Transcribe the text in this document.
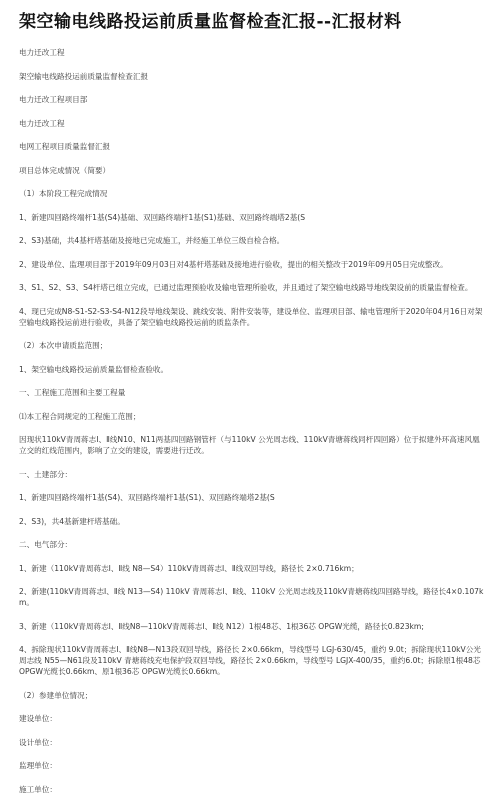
架空输电线路投运前质量监督检查汇报--汇报材料
电力迁改工程
架空输电线路投运前质量监督检查汇报
电力迁改工程项目部
电力迁改工程
电网工程项目质量监督汇报
项目总体完成情况（简要）
（1）本阶段工程完成情况
1、新建四回路终端杆1基(S4)基础、双回路终端杆1基(S1)基础、双回路终端塔2基(S
2、S3)基础，共4基杆塔基础及接地已完成施工，并经施工单位三级自检合格。
2、建设单位、监理项目部于2019年09月03日对4基杆塔基础及接地进行验收，提出的相关整改于2019年09月05日完成整改。
3、S1、S2、S3、S4杆塔已组立完成，已通过监理预验收及输电管理所验收，并且通过了架空输电线路导地线架设前的质量监督检查。
4、现已完成N8-S1-S2-S3-S4-N12段导地线架设、跳线安装、附件安装等，建设单位、监理项目部、输电管理所于2020年04月16日对架空输电线路投运前进行验收，具备了架空输电线路投运前的质监条件。
（2）本次申请质监范围；
1、架空输电线路投运前质量监督检查验收。
一、工程施工范围和主要工程量
⑴本工程合同规定的工程施工范围；
因现状110kV青周蒋志Ⅰ、Ⅱ线N10、N11两基四回路钢管杆（与110kV 公光周志线、110kV青塘蒋线同杆四回路）位于拟建外环高速风凰立交的红线范围内，影响了立交的建设，需要进行迁改。
一、土建部分：
1、新建四回路终端杆1基(S4)、双回路终端杆1基(S1)、双回路终端塔2基(S
2、S3)，共4基新建杆塔基础。
二、电气部分：
1、新建（110kV青周蒋志Ⅰ、Ⅱ线 N8—S4）110kV青周蒋志Ⅰ、Ⅱ线双回导线，路径长 2×0.716km；
2、新建(110kV青周蒋志Ⅰ、Ⅱ线 N13—S4) 110kV 青周蒋志Ⅰ、Ⅱ线、110kV 公光周志线及110kV青塘蒋线四回路导线，路径长4×0.107km。
3、新建（110kV青周蒋志Ⅰ、Ⅱ线N8—110kV青周蒋志Ⅰ、Ⅱ线 N12）1根48芯、1根36芯 OPGW光缆，路径长0.823km;
4、拆除现状110kV青周蒋志Ⅰ、Ⅱ线N8—N13段双回导线，路径长 2×0.66km，导线型号 LGJ-630/45，重约 9.0t；拆除现状110kV公光周志线 N55—N61段及110kV 青塘蒋线充电保护段双回导线，路径长 2×0.66km，导线型号 LGJX-400/35，重约6.0t；拆除原1根48芯OPGW光缆长0.66km、原1根36芯 OPGW光缆长0.66km。
（2）参建单位情况；
建设单位：
设计单位：
监理单位：
施工单位：
